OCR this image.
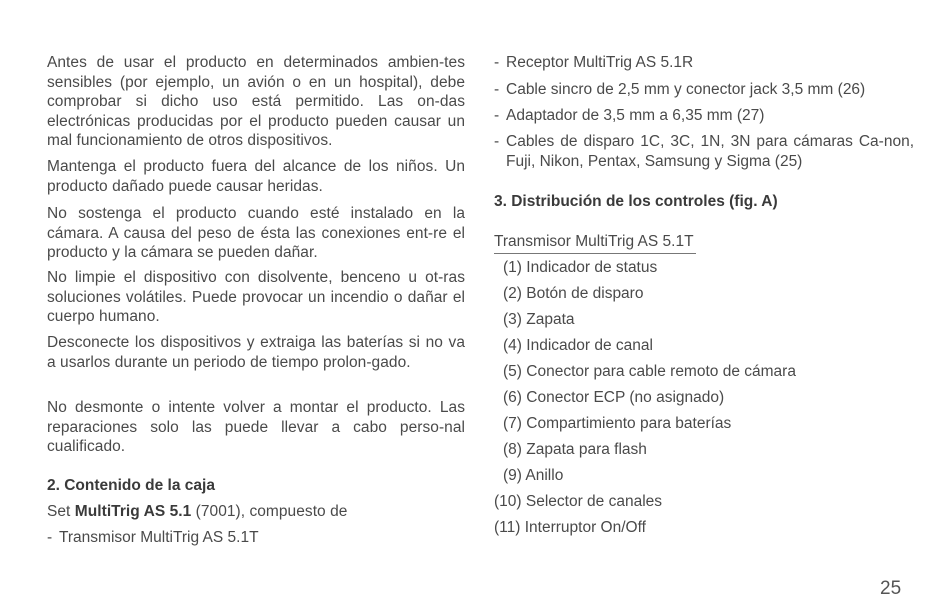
Antes de usar el producto en determinados ambien-tes sensibles (por ejemplo, un avión o en un hospital), debe comprobar si dicho uso está permitido. Las on-das electrónicas producidas por el producto pueden causar un mal funcionamiento de otros dispositivos.

Mantenga el producto fuera del alcance de los niños. Un producto dañado puede causar heridas.

No sostenga el producto cuando esté instalado en la cámara. A causa del peso de ésta las conexiones ent-re el producto y la cámara se pueden dañar.

No limpie el dispositivo con disolvente, benceno u ot-ras soluciones volátiles. Puede provocar un incendio o dañar el cuerpo humano.

Desconecte los dispositivos y extraiga las baterías si no va a usarlos durante un periodo de tiempo prolon-gado.

No desmonte o intente volver a montar el producto. Las reparaciones solo las puede llevar a cabo perso-nal cualificado.

2. Contenido de la caja

Set MultiTrig AS 5.1 (7001), compuesto de

- Transmisor MultiTrig AS 5.1T

- Receptor MultiTrig AS 5.1R

- Cable sincro de 2,5 mm y conector jack 3,5 mm (26)

- Adaptador de 3,5 mm a 6,35 mm (27)

- Cables de disparo 1C, 3C, 1N, 3N para cámaras Ca-non, Fuji, Nikon, Pentax, Samsung y Sigma (25)

3. Distribución de los controles (fig. A)

Transmisor MultiTrig AS 5.1T
(1) Indicador de status
(2) Botón de disparo
(3) Zapata
(4) Indicador de canal
(5) Conector para cable remoto de cámara
(6) Conector ECP (no asignado)
(7) Compartimiento para baterías
(8) Zapata para flash
(9) Anillo
(10) Selector de canales
(11) Interruptor On/Off
25
